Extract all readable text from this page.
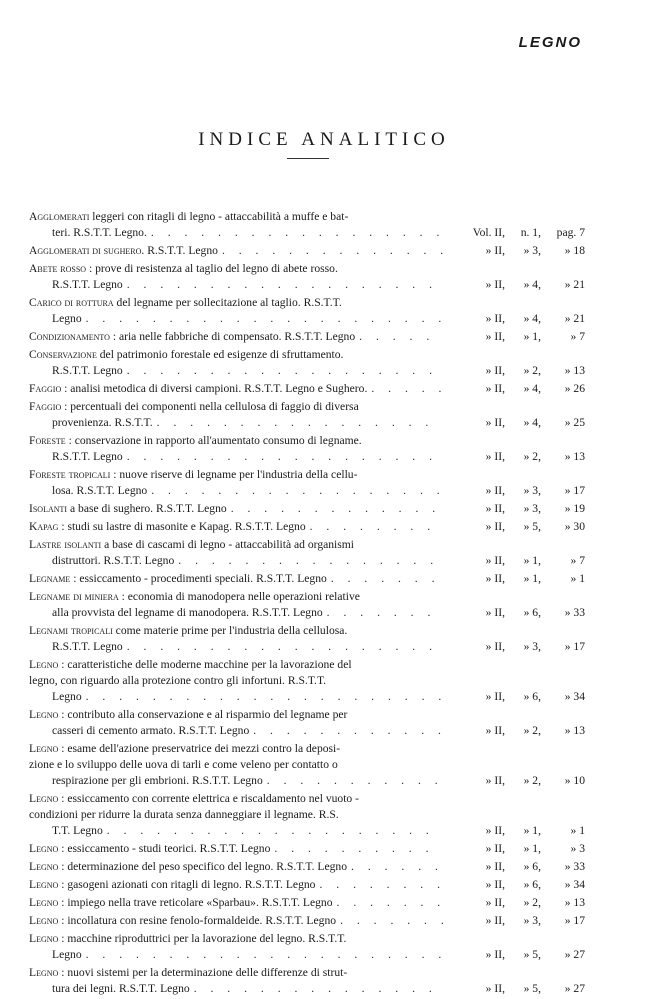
LEGNO
INDICE ANALITICO
Agglomerati leggeri con ritagli di legno - attaccabilità a muffe e bat-
teri. R.S.T.T. Legno. . . .	Vol. II,	n. 1,	pag. 7
Agglomerati di sughero. R.S.T.T. Legno . . .	» II,	» 3,	» 18
Abete rosso : prove di resistenza al taglio del legno di abete rosso.
R.S.T.T. Legno . . .	» II,	» 4,	» 21
Carico di rottura del legname per sollecitazione al taglio. R.S.T.T.
Legno . . .	» II,	» 4,	» 21
Condizionamento : aria nelle fabbriche di compensato. R.S.T.T. Legno . . .	» II,	» 1,	» 7
Conservazione del patrimonio forestale ed esigenze di sfruttamento.
R.S.T.T. Legno . . .	» II,	» 2,	» 13
Faggio : analisi metodica di diversi campioni. R.S.T.T. Legno e Sughero. . . .	» II,	» 4,	» 26
Faggio : percentuali dei componenti nella cellulosa di faggio di diversa
provenienza. R.S.T.T. . . .	» II,	» 4,	» 25
Foreste : conservazione in rapporto all'aumentato consumo di legname.
R.S.T.T. Legno . . .	» II,	» 2,	» 13
Foreste tropicali : nuove riserve di legname per l'industria della cellu-
losa. R.S.T.T. Legno . . .	» II,	» 3,	» 17
Isolanti a base di sughero. R.S.T.T. Legno . . .	» II,	» 3,	» 19
Kapag : studi su lastre di masonite e Kapag. R.S.T.T. Legno . . .	» II,	» 5,	» 30
Lastre isolanti a base di cascami di legno - attaccabilità ad organismi
distruttori. R.S.T.T. Legno . . .	» II,	» 1,	» 7
Legname : essiccamento - procedimenti speciali. R.S.T.T. Legno . . .	» II,	» 1,	» 1
Legname di miniera : economia di manodopera nelle operazioni relative
alla provvista del legname di manodopera. R.S.T.T. Legno . . .	» II,	» 6,	» 33
Legnami tropicali come materie prime per l'industria della cellulosa.
R.S.T.T. Legno . . .	» II,	» 3,	» 17
Legno : caratteristiche delle moderne macchine per la lavorazione del
legno, con riguardo alla protezione contro gli infortuni. R.S.T.T.
Legno . . .	» II,	» 6,	» 34
Legno : contributo alla conservazione e al risparmio del legname per
casseri di cemento armato. R.S.T.T. Legno . . .	» II,	» 2,	» 13
Legno : esame dell'azione preservatrice dei mezzi contro la deposi-
zione e lo sviluppo delle uova di tarli e come veleno per contatto o
respirazione per gli embrioni. R.S.T.T. Legno . . .	» II,	» 2,	» 10
Legno : essiccamento con corrente elettrica e riscaldamento nel vuoto -
condizioni per ridurre la durata senza danneggiare il legname. R.S.
T.T. Legno . . .	» II,	» 1,	» 1
Legno : essiccamento - studi teorici. R.S.T.T. Legno . . .	» II,	» 1,	» 3
Legno : determinazione del peso specifico del legno. R.S.T.T. Legno . . .	» II,	» 6,	» 33
Legno : gasogeni azionati con ritagli di legno. R.S.T.T. Legno . . .	» II,	» 6,	» 34
Legno : impiego nella trave reticolare «Sparbau». R.S.T.T. Legno . . .	» II,	» 2,	» 13
Legno : incollatura con resine fenolo-formaldeide. R.S.T.T. Legno . . .	» II,	» 3,	» 17
Legno : macchine riproduttrici per la lavorazione del legno. R.S.T.T.
Legno . . .	» II,	» 5,	» 27
Legno : nuovi sistemi per la determinazione delle differenze di strut-
tura dei legni. R.S.T.T. Legno . . .	» II,	» 5,	» 27
